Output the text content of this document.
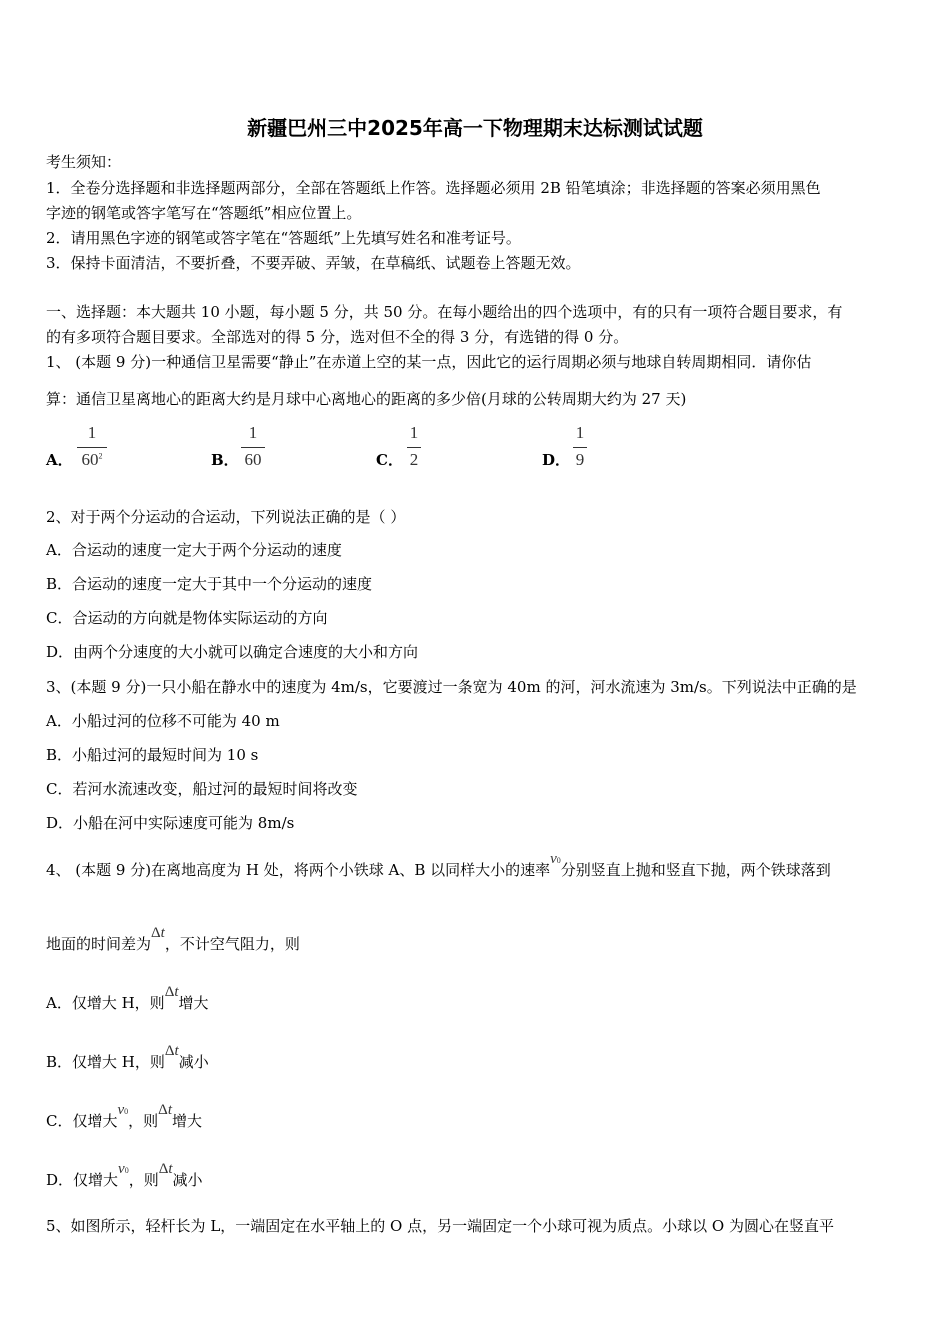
新疆巴州三中2025年高一下物理期末达标测试试题
考生须知：
1．全卷分选择题和非选择题两部分，全部在答题纸上作答。选择题必须用 2B 铅笔填涂；非选择题的答案必须用黑色
字迹的钢笔或答字笔写在“答题纸”相应位置上。
2．请用黑色字迹的钢笔或答字笔在“答题纸”上先填写姓名和准考证号。
3．保持卡面清洁，不要折叠，不要弄破、弄皱，在草稿纸、试题卷上答题无效。
一、选择题：本大题共 10 小题，每小题 5 分，共 50 分。在每小题给出的四个选项中，有的只有一项符合题目要求，有
的有多项符合题目要求。全部选对的得 5 分，选对但不全的得 3 分，有选错的得 0 分。
1、 (本题 9 分)一种通信卫星需要“静止”在赤道上空的某一点，因此它的运行周期必须与地球自转周期相同．请你估
算：通信卫星离地心的距离大约是月球中心离地心的距离的多少倍(月球的公转周期大约为 27 天)
A．
1
$60^2$	B．
1
60	C．
1
2	D．
1
9
2、对于两个分运动的合运动，下列说法正确的是（ ）
A．合运动的速度一定大于两个分运动的速度
B．合运动的速度一定大于其中一个分运动的速度
C．合运动的方向就是物体实际运动的方向
D．由两个分速度的大小就可以确定合速度的大小和方向
3、(本题 9 分)一只小船在静水中的速度为 4m/s，它要渡过一条宽为 40m 的河，河水流速为 3m/s。下列说法中正确的是
A．小船过河的位移不可能为 40 m
B．小船过河的最短时间为 10 s
C．若河水流速改变，船过河的最短时间将改变
D．小船在河中实际速度可能为 8m/s
4、 (本题 9 分)在离地高度为 H 处，将两个小铁球 A、B 以同样大小的速率v0分别竖直上抛和竖直下抛，两个铁球落到
地面的时间差为Δt，不计空气阻力，则
A．仅增大 H，则Δt增大
B．仅增大 H，则Δt减小
C．仅增大v0，则Δt增大
D．仅增大v0，则Δt减小
5、如图所示，轻杆长为 L，一端固定在水平轴上的 O 点，另一端固定一个小球可视为质点。小球以 O 为圆心在竖直平
